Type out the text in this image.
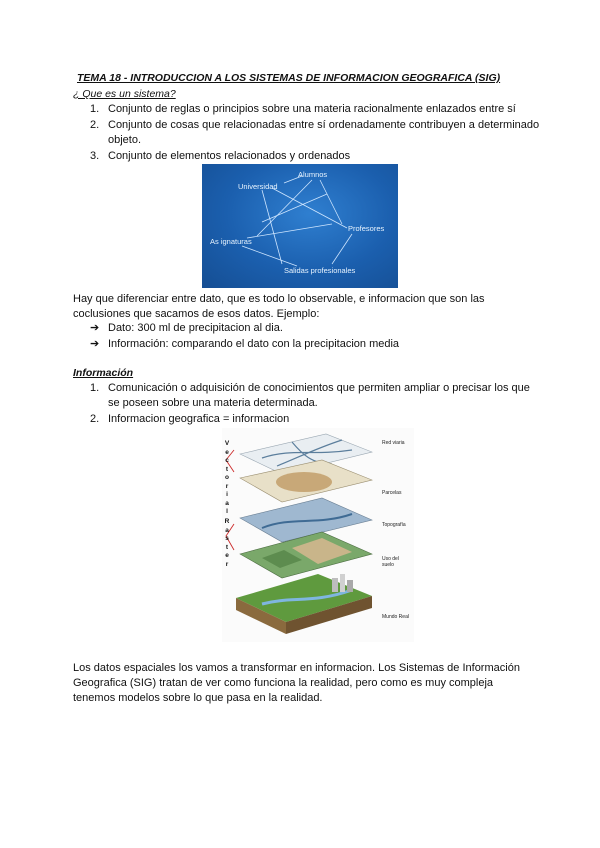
TEMA 18 - INTRODUCCION A LOS SISTEMAS DE INFORMACION GEOGRAFICA (SIG)
¿ Que es un sistema?
1. Conjunto de reglas o principios sobre una materia racionalmente enlazados entre sí
2. Conjunto de cosas que relacionadas entre sí ordenadamente contribuyen a determinado objeto.
3. Conjunto de elementos relacionados y ordenados
Alumnos
Universidad
Profesores
As ignaturas
Salidas profesionales
Hay que diferenciar entre dato, que es todo lo observable, e informacion que son las coclusiones que sacamos de esos datos. Ejemplo:
➔ Dato: 300 ml de precipitacion al dia.
➔ Información: comparando el dato con la precipitacion media
Información
1. Comunicación o adquisición de conocimientos que permiten ampliar o precisar los que se poseen sobre una materia determinada.
2. Informacion geografica = informacion
V
e
c
t
o
r
i
a
l
R
a
s
t
e
r
Red viaria
Parcelas
Topografía
Uso del
suelo
Mundo Real
Los datos espaciales los vamos a transformar en informacion. Los Sistemas de Información Geografica (SIG) tratan de ver como funciona la realidad, pero como es muy compleja tenemos modelos sobre lo que pasa en la realidad.
